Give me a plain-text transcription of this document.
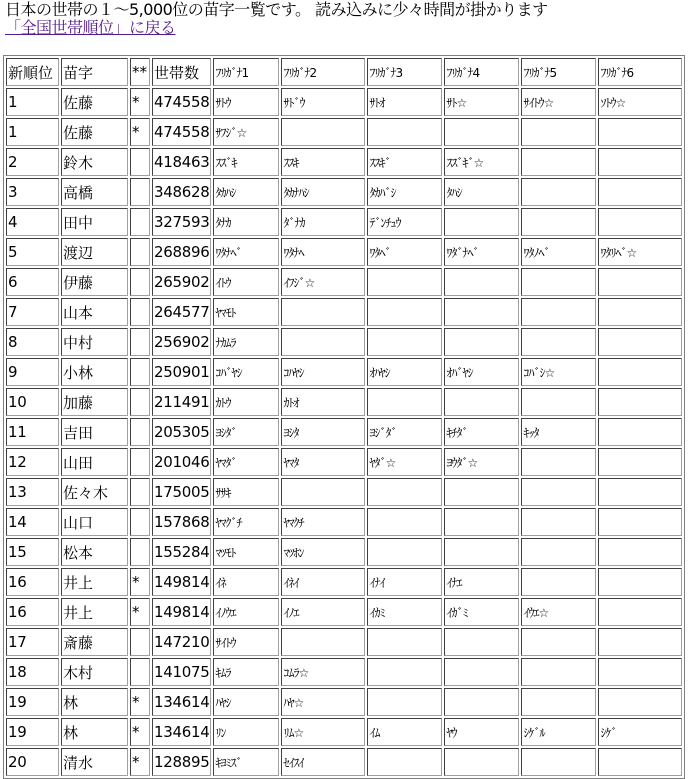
日本の世帯の１～5,000位の苗字一覧です。 読み込みに少々時間が掛かります
「全国世帯順位」に戻る
新順位	苗字	**	世帯数	ﾌﾘｶﾞﾅ1	ﾌﾘｶﾞﾅ2	ﾌﾘｶﾞﾅ3	ﾌﾘｶﾞﾅ4	ﾌﾘｶﾞﾅ5	ﾌﾘｶﾞﾅ6
1	佐藤	*	474558	ｻﾄｳ	ｻﾄﾞｳ	ｻﾄｵ	ｻﾄ☆	ｻｲﾄｳ☆	ｿﾄｳ☆
1	佐藤	*	474558	ｻﾌｼﾞ☆					
2	鈴木		418463	ｽｽﾞｷ	ｽｽｷ	ｽｽｷﾞ	ｽｽﾞｷﾞ☆		
3	高橋		348628	ﾀｶﾊｼ	ﾀｶﾅﾊｼ	ﾀｶﾊﾞｼ	ﾀﾊｼ		
4	田中		327593	ﾀﾅｶ	ﾀﾞﾅｶ	ﾃﾞﾝﾁｭｳ			
5	渡辺		268896	ﾜﾀﾅﾍﾞ	ﾜﾀﾅﾍ	ﾜﾀﾍﾞ	ﾜﾀﾞﾅﾍﾞ	ﾜﾀﾉﾍﾞ	ﾜﾀﾘﾍﾞ☆
6	伊藤		265902	ｲﾄｳ	ｲﾌｼﾞ☆				
7	山本		264577	ﾔﾏﾓﾄ					
8	中村		256902	ﾅｶﾑﾗ					
9	小林		250901	ｺﾊﾞﾔｼ	ｺﾊﾔｼ	ｵﾊﾔｼ	ｵﾊﾞﾔｼ	ｺﾊﾞｼ☆	
10	加藤		211491	ｶﾄｳ	ｶﾄｵ				
11	吉田		205305	ﾖｼﾀﾞ	ﾖｼﾀ	ﾖｼﾞﾀﾞ	ｷﾁﾀﾞ	ｷｯﾀ	
12	山田		201046	ﾔﾏﾀﾞ	ﾔﾏﾀ	ﾔﾀﾞ☆	ﾖｳﾀﾞ☆		
13	佐々木		175005	ｻｻｷ					
14	山口		157868	ﾔﾏｸﾞﾁ	ﾔﾏｸﾁ				
15	松本		155284	ﾏﾂﾓﾄ	ﾏﾂﾎﾝ				
16	井上	*	149814	ｲﾈ	ｲﾈｲ	ｲﾅｲ	ｲﾅｴ		
16	井上	*	149814	ｲﾉｳｴ	ｲﾉｴ	ｲｶﾐ	ｲｶﾞﾐ	ｲｳｴ☆	
17	斎藤		147210	ｻｲﾄｳ					
18	木村		141075	ｷﾑﾗ	ｺﾑﾗ☆				
19	林	*	134614	ﾊﾔｼ	ﾊﾔ☆				
19	林	*	134614	ﾘﾝ	ﾘﾑ☆	ｲﾑ	ﾔｳ	ｼｹﾞﾙ	ｼｹﾞ
20	清水	*	128895	ｷﾖﾐｽﾞ	ｾｲｽｲ				
